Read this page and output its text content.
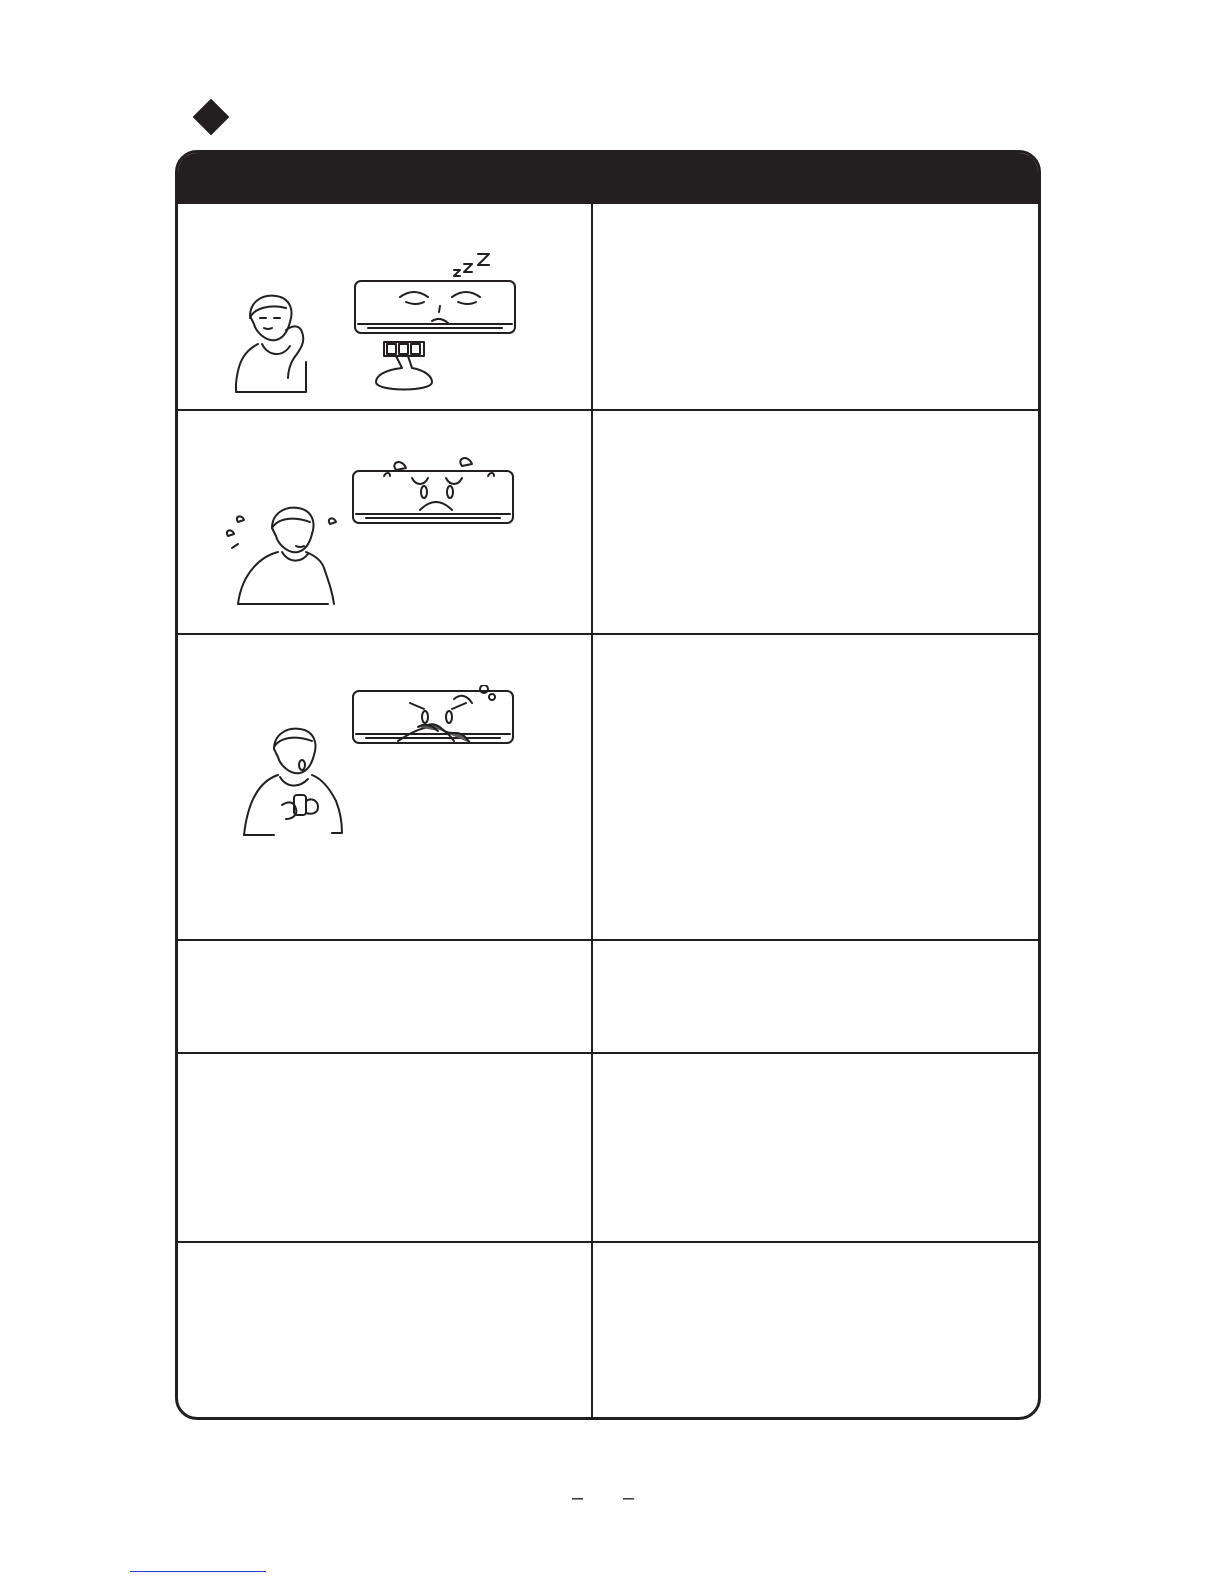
– –
